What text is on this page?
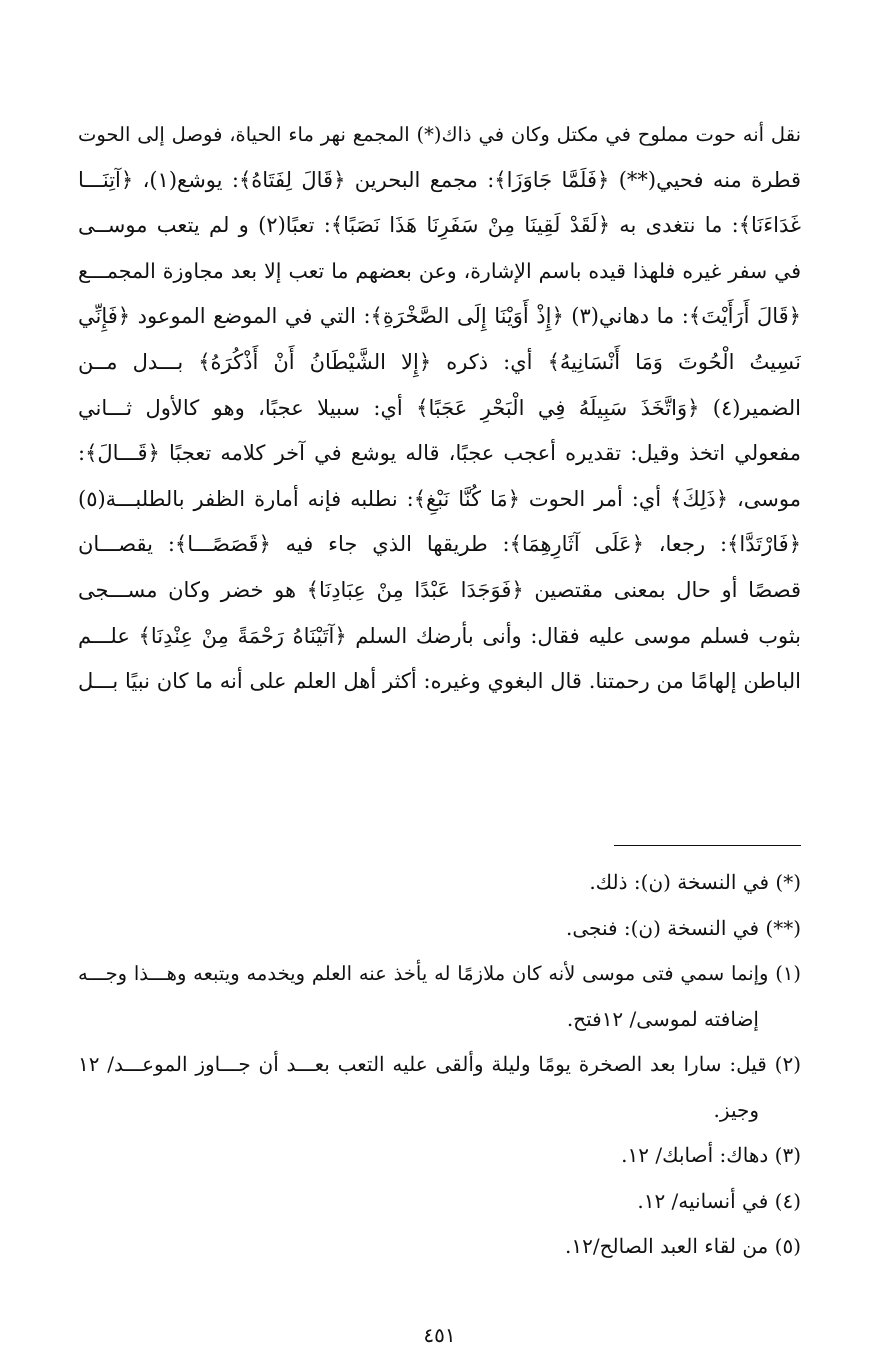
نقل أنه حوت مملوح في مكتل وكان في ذاك(*) المجمع نهر ماء الحياة، فوصل إلى الحوت
قطرة منه فحيي(**) ﴿فَلَمَّا جَاوَزَا﴾: مجمع البحرين ﴿قَالَ لِفَتَاهُ﴾: يوشع(١)، ﴿آتِنَـــا
غَدَاءَنَا﴾: ما نتغدى به ﴿لَقَدْ لَقِينَا مِنْ سَفَرِنَا هَذَا نَصَبًا﴾: تعبًا(٢) و لم يتعب موســى
في سفر غيره فلهذا قيده باسم الإشارة، وعن بعضهم ما تعب إلا بعد مجاوزة المجمـــع
﴿قَالَ أَرَأَيْتَ﴾: ما دهاني(٣) ﴿إِذْ أَوَيْنَا إِلَى الصَّخْرَةِ﴾: التي في الموضع الموعود ﴿فَإِنِّي
نَسِيتُ الْحُوتَ وَمَا أَنْسَانِيهُ﴾ أي: ذكره ﴿إِلا الشَّيْطَانُ أَنْ أَذْكُرَهُ﴾ بـــدل مــن
الضمير(٤) ﴿وَاتَّخَذَ سَبِيلَهُ فِي الْبَحْرِ عَجَبًا﴾ أي: سبيلا عجبًا، وهو كالأول ثـــاني
مفعولي اتخذ وقيل: تقديره أعجب عجبًا، قاله يوشع في آخر كلامه تعجبًا ﴿قَـــالَ﴾:
موسى، ﴿ذَلِكَ﴾ أي: أمر الحوت ﴿مَا كُنَّا نَبْغِ﴾: نطلبه فإنه أمارة الظفر بالطلبـــة(٥)
﴿فَارْتَدَّا﴾: رجعا، ﴿عَلَى آثَارِهِمَا﴾: طريقها الذي جاء فيه ﴿قَصَصًـــا﴾: يقصـــان
قصصًا أو حال بمعنى مقتصين ﴿فَوَجَدَا عَبْدًا مِنْ عِبَادِنَا﴾ هو خضر وكان مســـجى
بثوب فسلم موسى عليه فقال: وأنى بأرضك السلم ﴿آتَيْنَاهُ رَحْمَةً مِنْ عِنْدِنَا﴾ علـــم
الباطن إلهامًا من رحمتنا. قال البغوي وغيره: أكثر أهل العلم على أنه ما كان نبيًا بـــل
(*) في النسخة (ن): ذلك.
(**) في النسخة (ن): فنجى.
(١) وإنما سمي فتى موسى لأنه كان ملازمًا له يأخذ عنه العلم ويخدمه ويتبعه وهـــذا وجـــه
إضافته لموسى/ ١٢فتح.
(٢) قيل: سارا بعد الصخرة يومًا وليلة وألقى عليه التعب بعـــد أن جـــاوز الموعـــد/ ١٢
وجيز.
(٣) دهاك: أصابك/ ١٢.
(٤) في أنسانيه/ ١٢.
(٥) من لقاء العبد الصالح/١٢.
٤٥١
